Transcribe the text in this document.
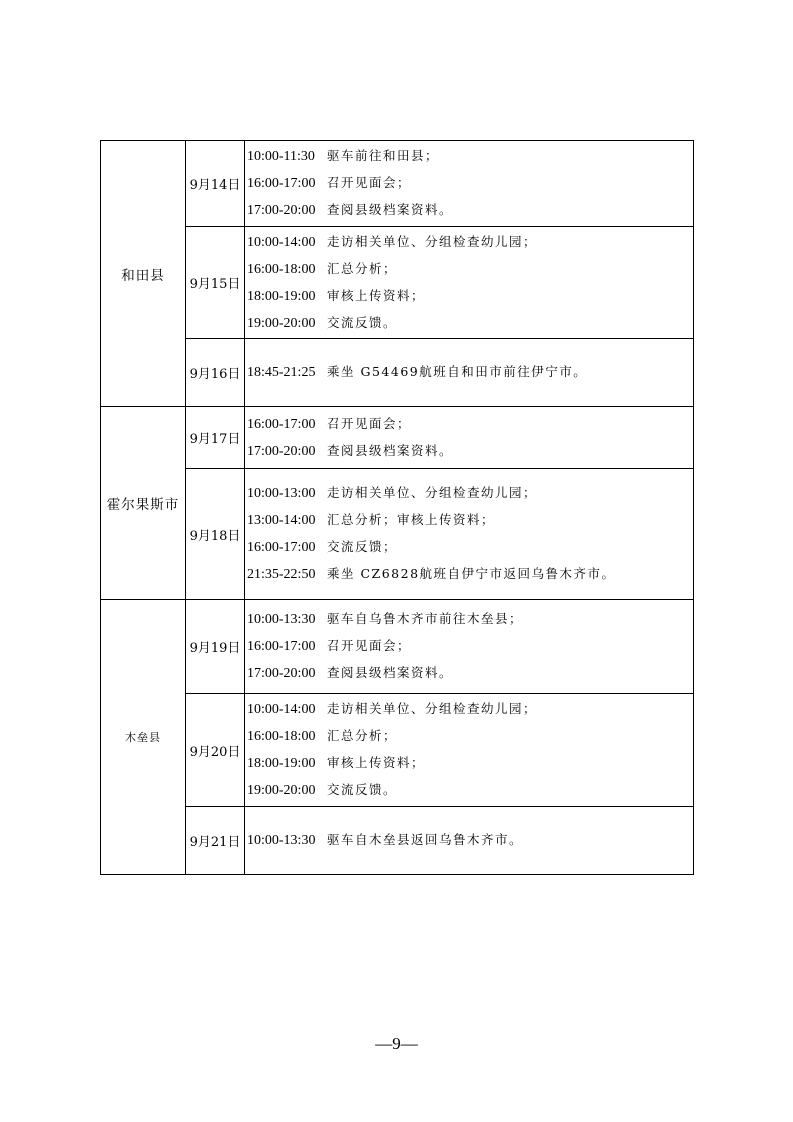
和田县	9月14日	10:00-11:30 驱车前往和田县；
16:00-17:00 召开见面会；
17:00-20:00 查阅县级档案资料。

	9月15日	10:00-14:00 走访相关单位、分组检查幼儿园；
16:00-18:00 汇总分析；
18:00-19:00 审核上传资料；
19:00-20:00 交流反馈。

	9月16日	18:45-21:25 乘坐 G54469航班自和田市前往伊宁市。

霍尔果斯市	9月17日	16:00-17:00 召开见面会；
17:00-20:00 查阅县级档案资料。

	9月18日	10:00-13:00 走访相关单位、分组检查幼儿园；
13:00-14:00 汇总分析；审核上传资料；
16:00-17:00 交流反馈；
21:35-22:50 乘坐 CZ6828航班自伊宁市返回乌鲁木齐市。

木垒县	9月19日	10:00-13:30 驱车自乌鲁木齐市前往木垒县；
16:00-17:00 召开见面会；
17:00-20:00 查阅县级档案资料。

	9月20日	10:00-14:00 走访相关单位、分组检查幼儿园；
16:00-18:00 汇总分析；
18:00-19:00 审核上传资料；
19:00-20:00 交流反馈。

	9月21日	10:00-13:30 驱车自木垒县返回乌鲁木齐市。
—9—
